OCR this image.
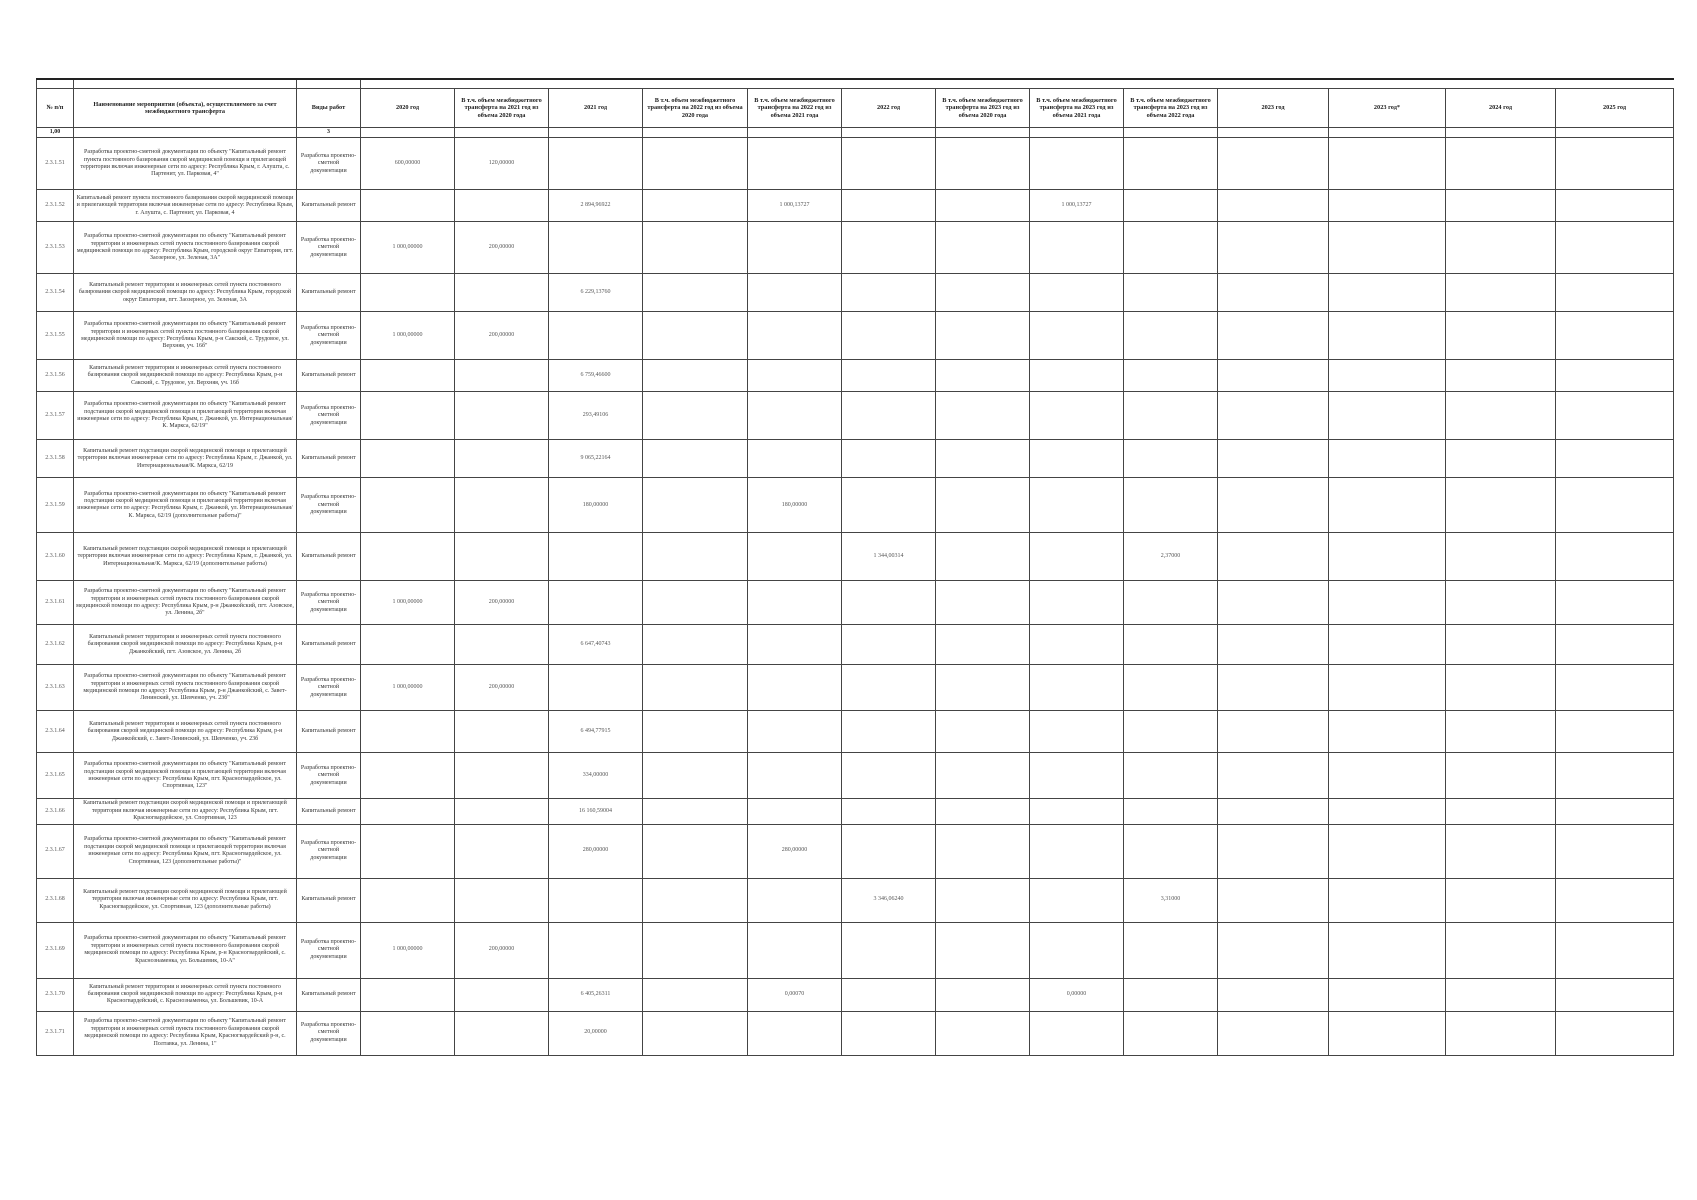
№ п/п	Наименование мероприятия (объекта), осуществляемого за счет межбюджетного трансферта	Виды работ	2020 год	В т.ч. объем межбюджетного трансферта на 2021 год из объема 2020 года	2021 год	В т.ч. объем межбюджетного трансферта на 2022 год из объема 2020 года	В т.ч. объем межбюджетного трансферта на 2022 год из объема 2021 года	2022 год	В т.ч. объем межбюджетного трансферта на 2023 год из объема 2020 года	В т.ч. объем межбюджетного трансферта на 2023 год из объема 2021 года	В т.ч. объем межбюджетного трансферта на 2023 год из объема 2022 года	2023 год	2023 год*	2024 год	2025 год
1,00		3													
2.3.1.51	Разработка проектно-сметной документации по объекту "Капитальный ремонт пункта постоянного базирования скорой медицинской помощи и прилегающей территории включая инженерные сети по адресу: Республика Крым, г. Алушта, с. Партенит, ул. Парковая, 4"	Разработка проектно-сметной документации	600,00000	120,00000											
2.3.1.52	Капитальный ремонт пункта постоянного базирования скорой медицинской помощи и прилегающей территории включая инженерные сети по адресу: Республика Крым, г. Алушта, с. Партенит, ул. Парковая, 4	Капитальный ремонт			2 894,96922		1 000,13727			1 000,13727					
2.3.1.53	Разработка проектно-сметной документации по объекту "Капитальный ремонт территории и инженерных сетей пункта постоянного базирования скорой медицинской помощи по адресу: Республика Крым, городской округ Евпатория, пгт. Заозерное, ул. Зеленая, 3А"	Разработка проектно-сметной документации	1 000,00000	200,00000											
2.3.1.54	Капитальный ремонт территории и инженерных сетей пункта постоянного базирования скорой медицинской помощи по адресу: Республика Крым, городской округ Евпатория, пгт. Заозерное, ул. Зеленая, 3А	Капитальный ремонт			6 229,13760										
2.3.1.55	Разработка проектно-сметной документации по объекту "Капитальный ремонт территории и инженерных сетей пункта постоянного базирования скорой медицинской помощи по адресу: Республика Крым, р-н Сакский, с. Трудовое, ул. Верхняя, уч. 16б"	Разработка проектно-сметной документации	1 000,00000	200,00000											
2.3.1.56	Капитальный ремонт территории и инженерных сетей пункта постоянного базирования скорой медицинской помощи по адресу: Республика Крым, р-н Сакский, с. Трудовое, ул. Верхняя, уч. 16б	Капитальный ремонт			6 759,46600										
2.3.1.57	Разработка проектно-сметной документации по объекту "Капитальный ремонт подстанции скорой медицинской помощи и прилегающей территории включая инженерные сети по адресу: Республика Крым, г. Джанкой, ул. Интернациональная/К. Маркса, 62/19"	Разработка проектно-сметной документации			293,49106										
2.3.1.58	Капитальный ремонт подстанции скорой медицинской помощи и прилегающей территории включая инженерные сети по адресу: Республика Крым, г. Джанкой, ул. Интернациональная/К. Маркса, 62/19	Капитальный ремонт			9 065,22164										
2.3.1.59	Разработка проектно-сметной документации по объекту "Капитальный ремонт подстанции скорой медицинской помощи и прилегающей территории включая инженерные сети по адресу: Республика Крым, г. Джанкой, ул. Интернациональная/К. Маркса, 62/19 (дополнительные работы)"	Разработка проектно-сметной документации			180,00000		180,00000								
2.3.1.60	Капитальный ремонт подстанции скорой медицинской помощи и прилегающей территории включая инженерные сети по адресу: Республика Крым, г. Джанкой, ул. Интернациональная/К. Маркса, 62/19 (дополнительные работы)	Капитальный ремонт						1 344,00314			2,37000				
2.3.1.61	Разработка проектно-сметной документации по объекту "Капитальный ремонт территории и инженерных сетей пункта постоянного базирования скорой медицинской помощи по адресу: Республика Крым, р-н Джанкойский, пгт. Азовское, ул. Ленина, 2б"	Разработка проектно-сметной документации	1 000,00000	200,00000											
2.3.1.62	Капитальный ремонт территории и инженерных сетей пункта постоянного базирования скорой медицинской помощи по адресу: Республика Крым, р-н Джанкойский, пгт. Азовское, ул. Ленина, 2б	Капитальный ремонт			6 647,40743										
2.3.1.63	Разработка проектно-сметной документации по объекту "Капитальный ремонт территории и инженерных сетей пункта постоянного базирования скорой медицинской помощи по адресу: Республика Крым, р-н Джанкойский, с. Завет-Ленинский, ул. Шевченко, уч. 23б"	Разработка проектно-сметной документации	1 000,00000	200,00000											
2.3.1.64	Капитальный ремонт территории и инженерных сетей пункта постоянного базирования скорой медицинской помощи по адресу: Республика Крым, р-н Джанкойский, с. Завет-Ленинский, ул. Шевченко, уч. 23б	Капитальный ремонт			6 494,77915										
2.3.1.65	Разработка проектно-сметной документации по объекту "Капитальный ремонт подстанции скорой медицинской помощи и прилегающей территории включая инженерные сети по адресу: Республика Крым, пгт. Красногвардейское, ул. Спортивная, 123"	Разработка проектно-сметной документации			334,00000										
2.3.1.66	Капитальный ремонт подстанции скорой медицинской помощи и прилегающей территории включая инженерные сети по адресу: Республика Крым, пгт. Красногвардейское, ул. Спортивная, 123	Капитальный ремонт			16 160,59004										
2.3.1.67	Разработка проектно-сметной документации по объекту "Капитальный ремонт подстанции скорой медицинской помощи и прилегающей территории включая инженерные сети по адресу: Республика Крым, пгт. Красногвардейское, ул. Спортивная, 123 (дополнительные работы)"	Разработка проектно-сметной документации			280,00000		280,00000								
2.3.1.68	Капитальный ремонт подстанции скорой медицинской помощи и прилегающей территории включая инженерные сети по адресу: Республика Крым, пгт. Красногвардейское, ул. Спортивная, 123 (дополнительные работы)	Капитальный ремонт						3 346,06240			3,31000				
2.3.1.69	Разработка проектно-сметной документации по объекту "Капитальный ремонт территории и инженерных сетей пункта постоянного базирования скорой медицинской помощи по адресу: Республика Крым, р-н Красногвардейский, с. Краснознаменка, ул. Большевик, 10-А"	Разработка проектно-сметной документации	1 000,00000	200,00000											
2.3.1.70	Капитальный ремонт территории и инженерных сетей пункта постоянного базирования скорой медицинской помощи по адресу: Республика Крым, р-н Красногвардейский, с. Краснознаменка, ул. Большевик, 10-А	Капитальный ремонт			6 405,26311		0,00070			0,00000					
2.3.1.71	Разработка проектно-сметной документации по объекту "Капитальный ремонт территории и инженерных сетей пункта постоянного базирования скорой медицинской помощи по адресу: Республика Крым, Красногвардейский р-н, с. Полтавка, ул. Ленина, 1"	Разработка проектно-сметной документации			20,00000										
